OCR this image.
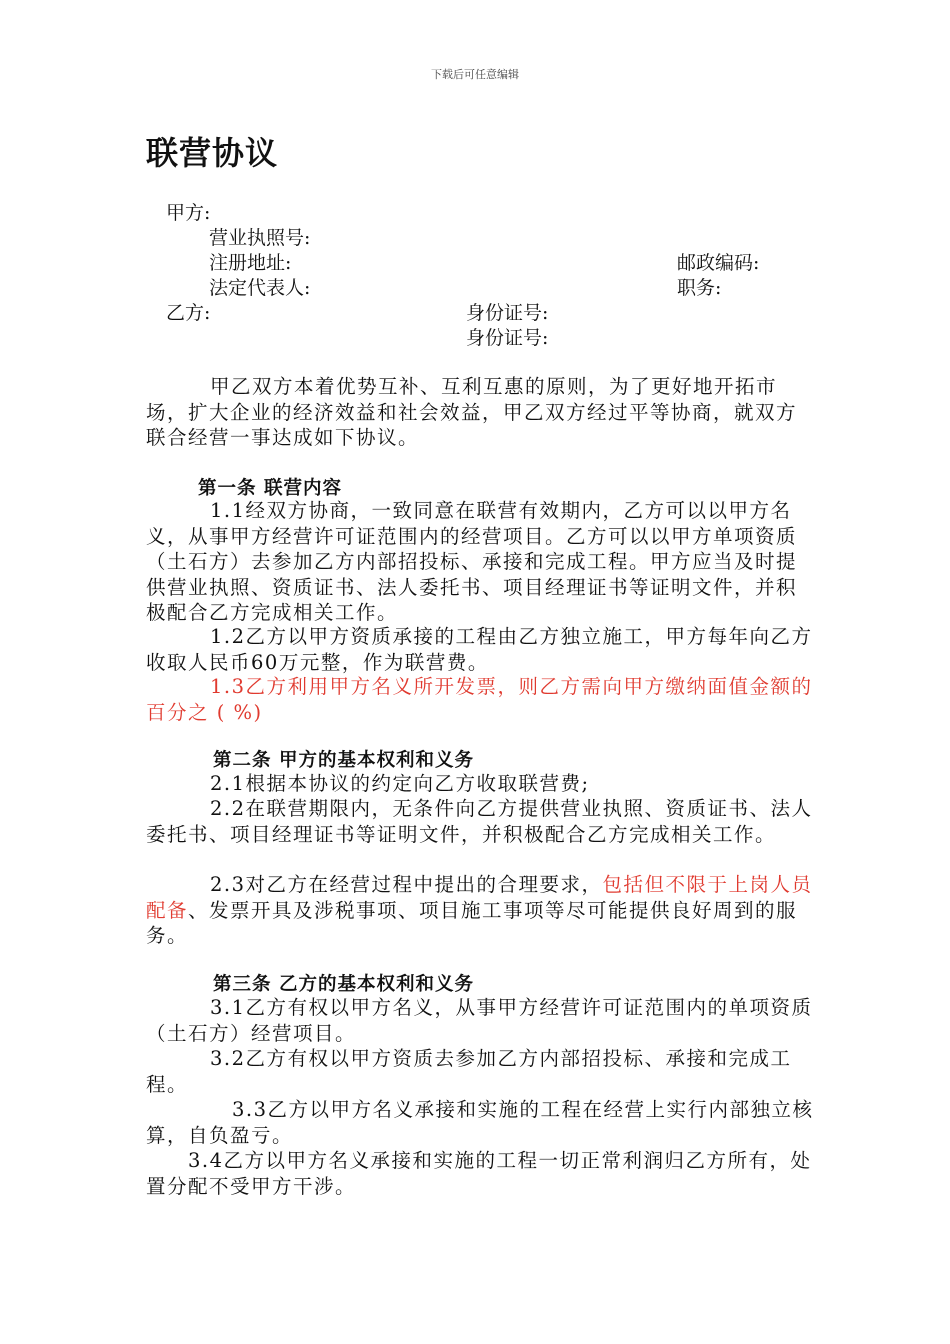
下载后可任意编辑
联营协议
甲方:
营业执照号:
注册地址:	邮政编码:
法定代表人:	职务:
乙方:	身份证号:
身份证号:

甲乙双方本着优势互补、互利互惠的原则，为了更好地开拓市场，扩大企业的经济效益和社会效益，甲乙双方经过平等协商，就双方联合经营一事达成如下协议。

第一条 联营内容

1.1经双方协商，一致同意在联营有效期内，乙方可以以甲方名义，从事甲方经营许可证范围内的经营项目。乙方可以以甲方单项资质（土石方）去参加乙方内部招投标、承接和完成工程。甲方应当及时提供营业执照、资质证书、法人委托书、项目经理证书等证明文件，并积极配合乙方完成相关工作。

1.2乙方以甲方资质承接的工程由乙方独立施工，甲方每年向乙方收取人民币60万元整，作为联营费。

1.3乙方利用甲方名义所开发票，则乙方需向甲方缴纳面值金额的百分之 ( %)

第二条 甲方的基本权利和义务

2.1根据本协议的约定向乙方收取联营费;

2.2在联营期限内，无条件向乙方提供营业执照、资质证书、法人委托书、项目经理证书等证明文件，并积极配合乙方完成相关工作。

2.3对乙方在经营过程中提出的合理要求，包括但不限于上岗人员配备、发票开具及涉税事项、项目施工事项等尽可能提供良好周到的服务。

第三条 乙方的基本权利和义务

3.1乙方有权以甲方名义，从事甲方经营许可证范围内的单项资质（土石方）经营项目。

3.2乙方有权以甲方资质去参加乙方内部招投标、承接和完成工程。

3.3乙方以甲方名义承接和实施的工程在经营上实行内部独立核算，自负盈亏。

3.4乙方以甲方名义承接和实施的工程一切正常利润归乙方所有，处置分配不受甲方干涉。
